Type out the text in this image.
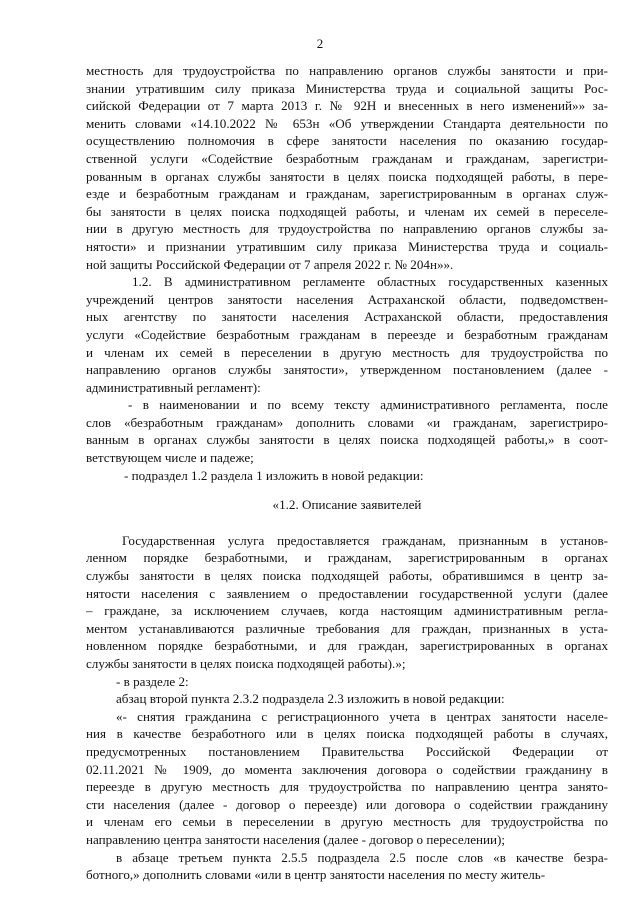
2
местность для трудоустройства по направлению органов службы занятости и при-
знании утратившим силу приказа Министерства труда и социальной защиты Рос-
сийской Федерации от 7 марта 2013 г. № 92Н и внесенных в него изменений»» за-
менить словами «14.10.2022 № 653н «Об утверждении Стандарта деятельности по
осуществлению полномочия в сфере занятости населения по оказанию государ-
ственной услуги «Содействие безработным гражданам и гражданам, зарегистри-
рованным в органах службы занятости в целях поиска подходящей работы, в пере-
езде и безработным гражданам и гражданам, зарегистрированным в органах служ-
бы занятости в целях поиска подходящей работы, и членам их семей в переселе-
нии в другую местность для трудоустройства по направлению органов службы за-
нятости» и признании утратившим силу приказа Министерства труда и социаль-
ной защиты Российской Федерации от 7 апреля 2022 г. № 204н»».
1.2. В административном регламенте областных государственных казенных
учреждений центров занятости населения Астраханской области, подведомствен-
ных агентству по занятости населения Астраханской области, предоставления
услуги «Содействие безработным гражданам в переезде и безработным гражданам
и членам их семей в переселении в другую местность для трудоустройства по
направлению органов службы занятости», утвержденном постановлением (далее -
административный регламент):
- в наименовании и по всему тексту административного регламента, после
слов «безработным гражданам» дополнить словами «и гражданам, зарегистриро-
ванным в органах службы занятости в целях поиска подходящей работы,» в соот-
ветствующем числе и падеже;
- подраздел 1.2 раздела 1 изложить в новой редакции:
«1.2. Описание заявителей
Государственная услуга предоставляется гражданам, признанным в установ-
ленном порядке безработными, и гражданам, зарегистрированным в органах
службы занятости в целях поиска подходящей работы, обратившимся в центр за-
нятости населения с заявлением о предоставлении государственной услуги (далее
– граждане, за исключением случаев, когда настоящим административным регла-
ментом устанавливаются различные требования для граждан, признанных в уста-
новленном порядке безработными, и для граждан, зарегистрированных в органах
службы занятости в целях поиска подходящей работы).»;
- в разделе 2:
абзац второй пункта 2.3.2 подраздела 2.3 изложить в новой редакции:
«- снятия гражданина с регистрационного учета в центрах занятости населе-
ния в качестве безработного или в целях поиска подходящей работы в случаях,
предусмотренных постановлением Правительства Российской Федерации от
02.11.2021 № 1909, до момента заключения договора о содействии гражданину в
переезде в другую местность для трудоустройства по направлению центра занято-
сти населения (далее - договор о переезде) или договора о содействии гражданину
и членам его семьи в переселении в другую местность для трудоустройства по
направлению центра занятости населения (далее - договор о переселении);
в абзаце третьем пункта 2.5.5 подраздела 2.5 после слов «в качестве безра-
ботного,» дополнить словами «или в центр занятости населения по месту житель-
